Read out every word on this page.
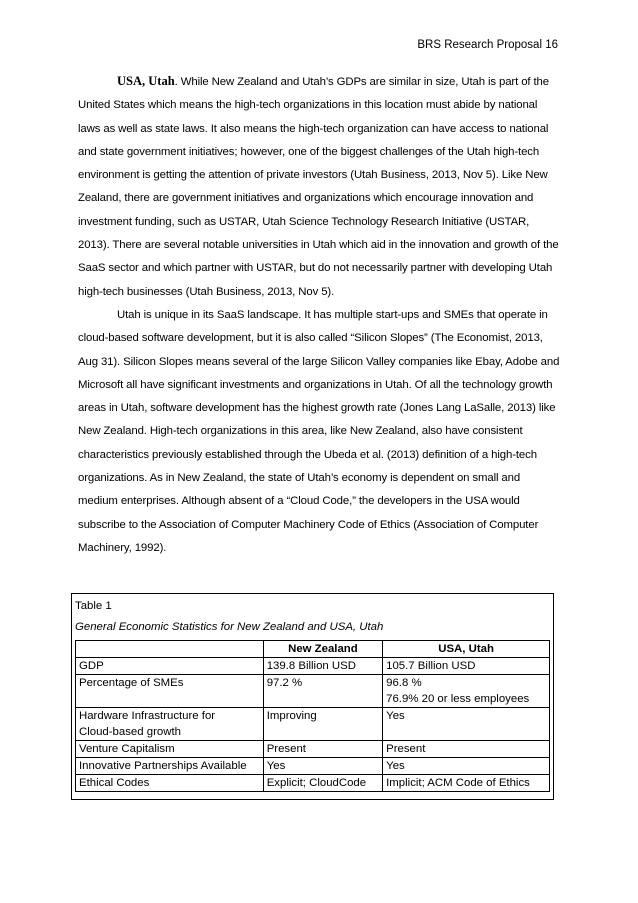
BRS Research Proposal 16

USA, Utah. While New Zealand and Utah’s GDPs are similar in size, Utah is part of the United States which means the high-tech organizations in this location must abide by national laws as well as state laws. It also means the high-tech organization can have access to national and state government initiatives; however, one of the biggest challenges of the Utah high-tech environment is getting the attention of private investors (Utah Business, 2013, Nov 5). Like New Zealand, there are government initiatives and organizations which encourage innovation and investment funding, such as USTAR, Utah Science Technology Research Initiative (USTAR, 2013). There are several notable universities in Utah which aid in the innovation and growth of the SaaS sector and which partner with USTAR, but do not necessarily partner with developing Utah high-tech businesses (Utah Business, 2013, Nov 5).

Utah is unique in its SaaS landscape. It has multiple start-ups and SMEs that operate in cloud-based software development, but it is also called “Silicon Slopes” (The Economist, 2013, Aug 31). Silicon Slopes means several of the large Silicon Valley companies like Ebay, Adobe and Microsoft all have significant investments and organizations in Utah. Of all the technology growth areas in Utah, software development has the highest growth rate (Jones Lang LaSalle, 2013) like New Zealand. High-tech organizations in this area, like New Zealand, also have consistent characteristics previously established through the Ubeda et al. (2013) definition of a high-tech organizations. As in New Zealand, the state of Utah’s economy is dependent on small and medium enterprises. Although absent of a “Cloud Code,” the developers in the USA would subscribe to the Association of Computer Machinery Code of Ethics (Association of Computer Machinery, 1992).

Table 1
General Economic Statistics for New Zealand and USA, Utah
	New Zealand	USA, Utah

GDP	139.8 Billion USD	105.7 Billion USD

Percentage of SMEs	97.2 %	96.8 %
76.9% 20 or less employees

Hardware Infrastructure for
Cloud-based growth	Improving	Yes

Venture Capitalism	Present	Present

Innovative Partnerships Available	Yes	Yes

Ethical Codes	Explicit; CloudCode	Implicit; ACM Code of Ethics
